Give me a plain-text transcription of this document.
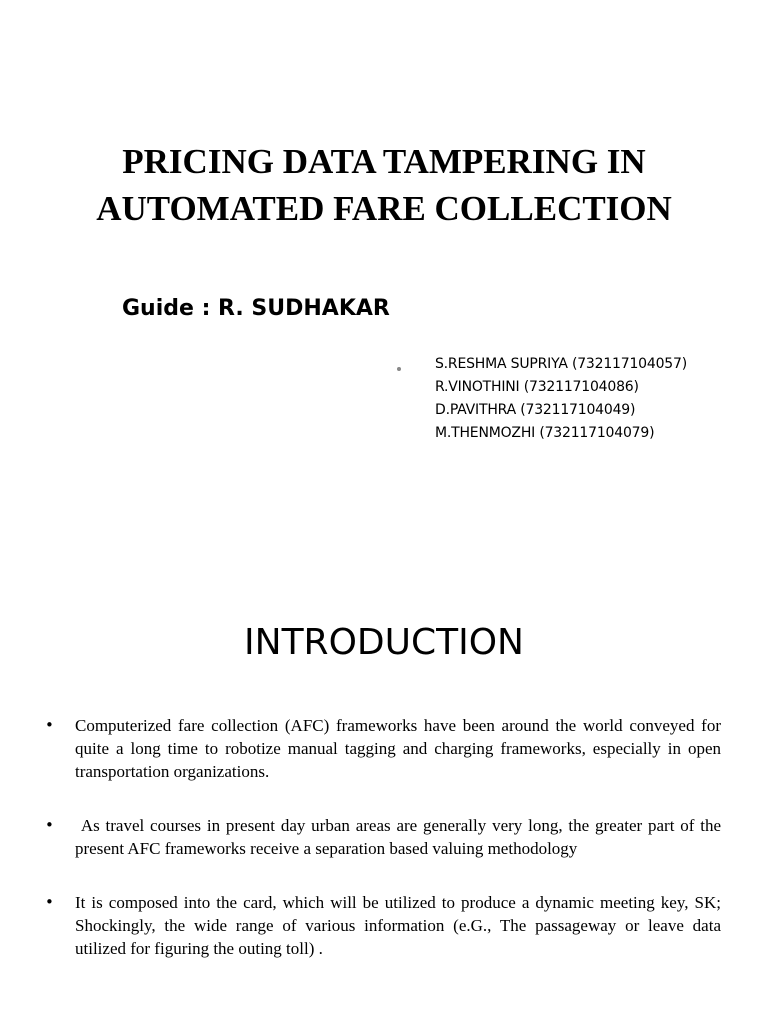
PRICING DATA TAMPERING IN
AUTOMATED FARE COLLECTION

Guide : R. SUDHAKAR

S.RESHMA SUPRIYA (732117104057)
R.VINOTHINI (732117104086)
D.PAVITHRA (732117104049)
M.THENMOZHI (732117104079)
INTRODUCTION
• Computerized fare collection (AFC) frameworks have been around the world conveyed for quite a long time to robotize manual tagging and charging frameworks, especially in open transportation organizations.
• As travel courses in present day urban areas are generally very long, the greater part of the present AFC frameworks receive a separation based valuing methodology
• It is composed into the card, which will be utilized to produce a dynamic meeting key, SK; Shockingly, the wide range of various information (e.G., The passageway or leave data utilized for figuring the outing toll) .
